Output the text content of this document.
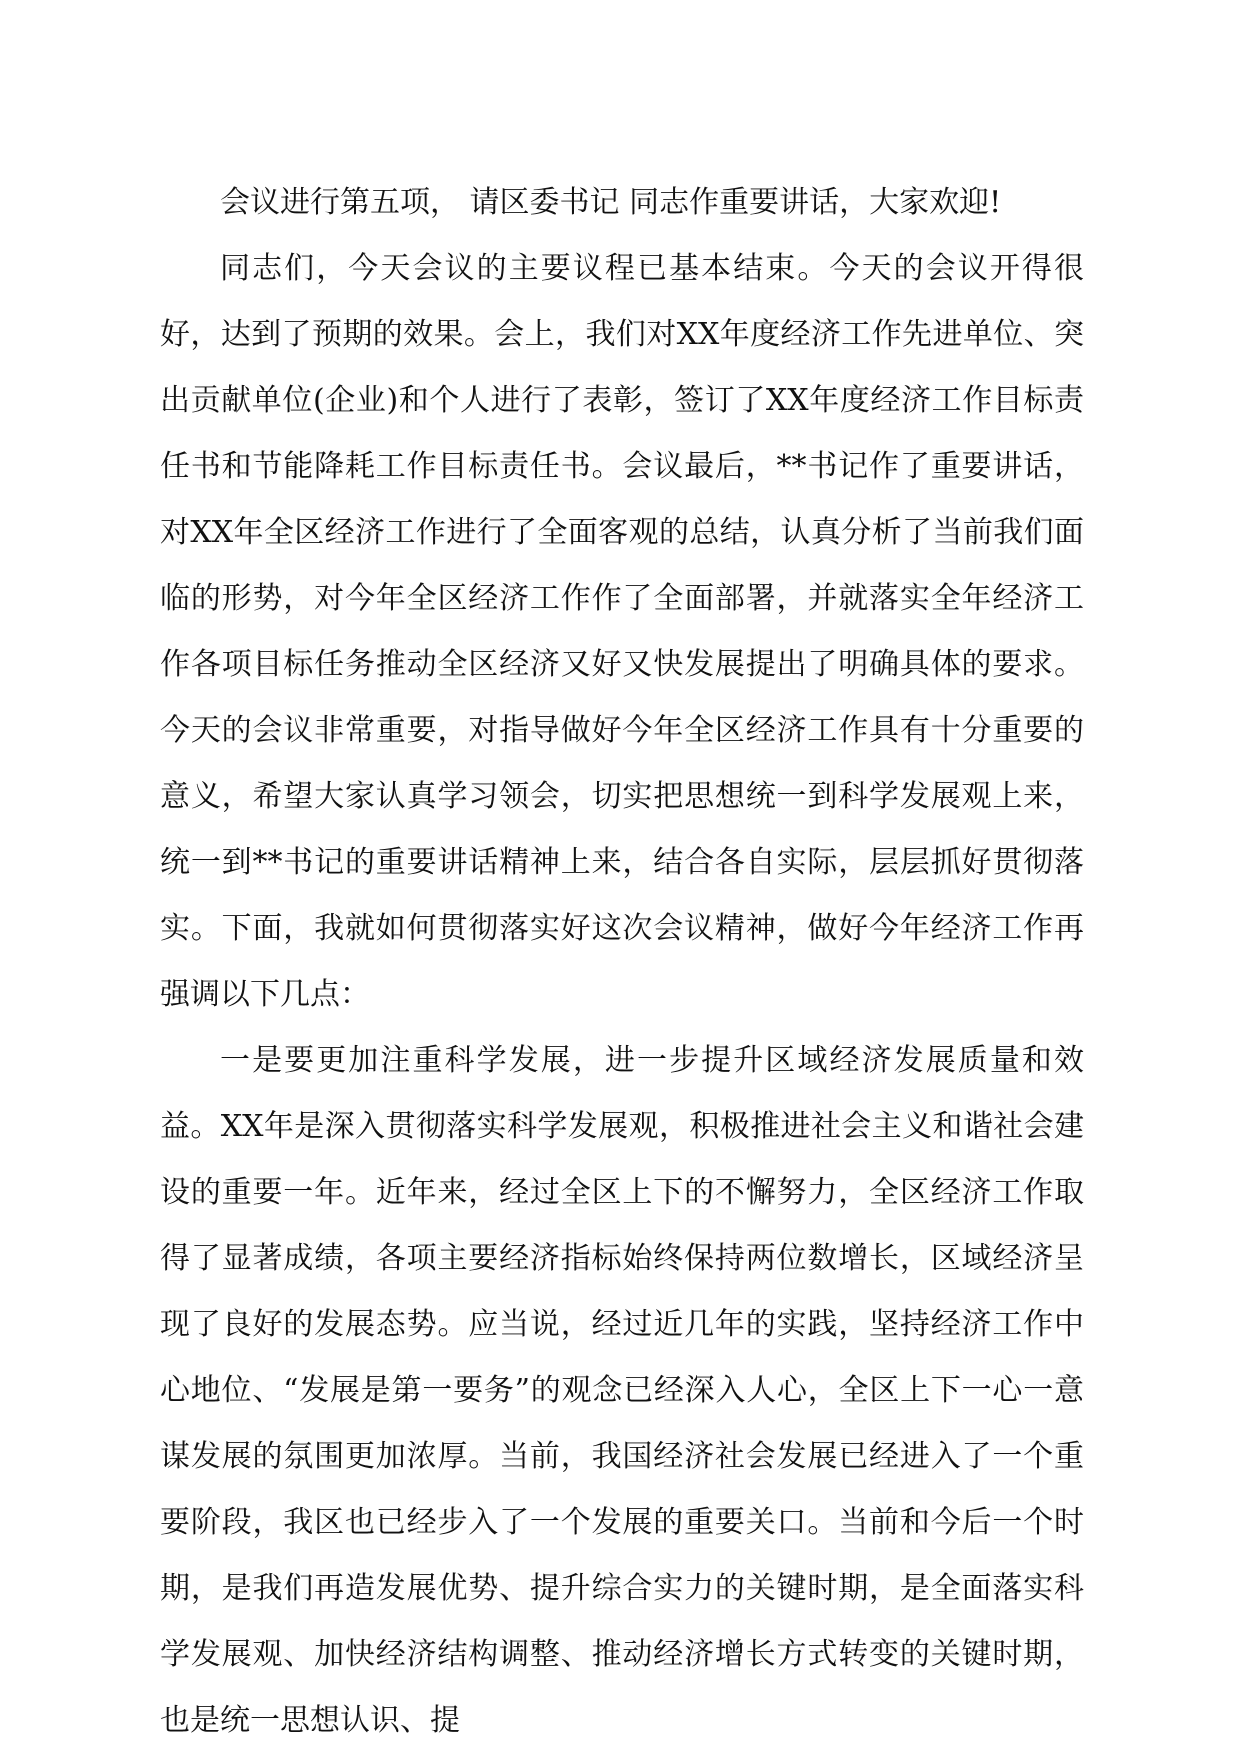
会议进行第五项， 请区委书记 同志作重要讲话，大家欢迎!

同志们，今天会议的主要议程已基本结束。今天的会议开得很好，达到了预期的效果。会上，我们对XX年度经济工作先进单位、突出贡献单位(企业)和个人进行了表彰，签订了XX年度经济工作目标责任书和节能降耗工作目标责任书。会议最后，**书记作了重要讲话，对XX年全区经济工作进行了全面客观的总结，认真分析了当前我们面临的形势，对今年全区经济工作作了全面部署，并就落实全年经济工作各项目标任务推动全区经济又好又快发展提出了明确具体的要求。今天的会议非常重要，对指导做好今年全区经济工作具有十分重要的意义，希望大家认真学习领会，切实把思想统一到科学发展观上来，统一到**书记的重要讲话精神上来，结合各自实际，层层抓好贯彻落实。下面，我就如何贯彻落实好这次会议精神，做好今年经济工作再强调以下几点：

一是要更加注重科学发展，进一步提升区域经济发展质量和效益。XX年是深入贯彻落实科学发展观，积极推进社会主义和谐社会建设的重要一年。近年来，经过全区上下的不懈努力，全区经济工作取得了显著成绩，各项主要经济指标始终保持两位数增长，区域经济呈现了良好的发展态势。应当说，经过近几年的实践，坚持经济工作中心地位、“发展是第一要务”的观念已经深入人心，全区上下一心一意谋发展的氛围更加浓厚。当前，我国经济社会发展已经进入了一个重要阶段，我区也已经步入了一个发展的重要关口。当前和今后一个时期，是我们再造发展优势、提升综合实力的关键时期，是全面落实科学发展观、加快经济结构调整、推动经济增长方式转变的关键时期，也是统一思想认识、提
